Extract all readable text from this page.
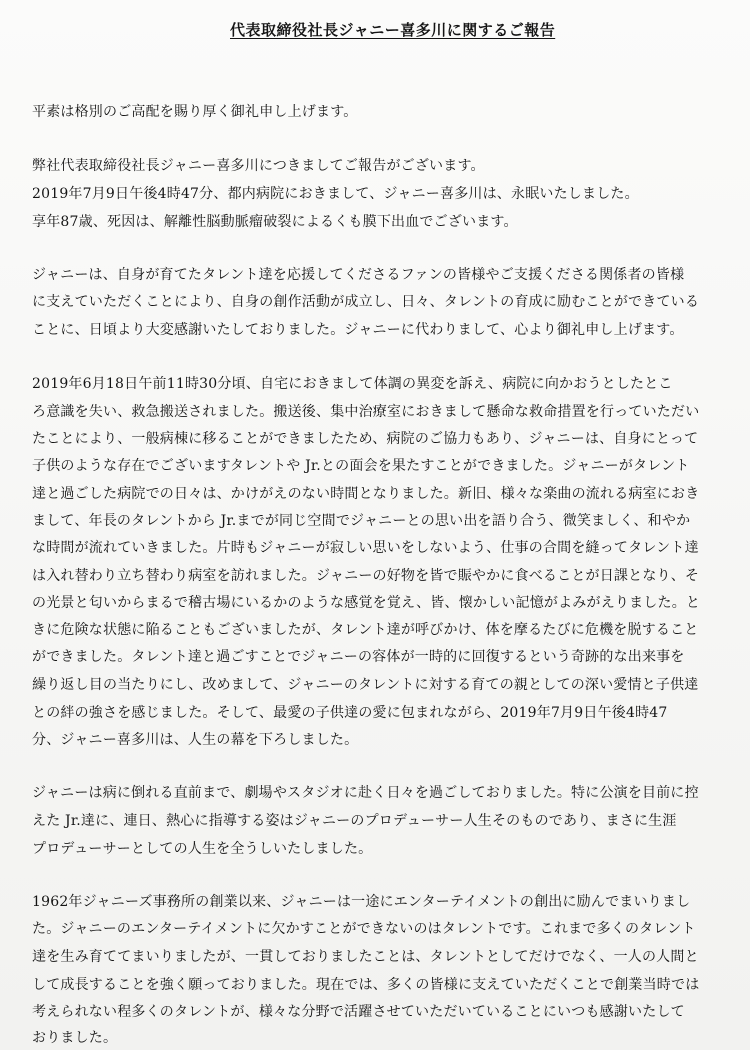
代表取締役社長ジャニー喜多川に関するご報告
平素は格別のご高配を賜り厚く御礼申し上げます。
弊社代表取締役社長ジャニー喜多川につきましてご報告がございます。
2019年7月9日午後4時47分、都内病院におきまして、ジャニー喜多川は、永眠いたしました。
享年87歳、死因は、解離性脳動脈瘤破裂によるくも膜下出血でございます。
ジャニーは、自身が育てたタレント達を応援してくださるファンの皆様やご支援くださる関係者の皆様
に支えていただくことにより、自身の創作活動が成立し、日々、タレントの育成に励むことができている
ことに、日頃より大変感謝いたしておりました。ジャニーに代わりまして、心より御礼申し上げます。
2019年6月18日午前11時30分頃、自宅におきまして体調の異変を訴え、病院に向かおうとしたとこ
ろ意識を失い、救急搬送されました。搬送後、集中治療室におきまして懸命な救命措置を行っていただい
たことにより、一般病棟に移ることができましたため、病院のご協力もあり、ジャニーは、自身にとって
子供のような存在でございますタレントや Jr.との面会を果たすことができました。ジャニーがタレント
達と過ごした病院での日々は、かけがえのない時間となりました。新旧、様々な楽曲の流れる病室におき
まして、年長のタレントから Jr.までが同じ空間でジャニーとの思い出を語り合う、微笑ましく、和やか
な時間が流れていきました。片時もジャニーが寂しい思いをしないよう、仕事の合間を縫ってタレント達
は入れ替わり立ち替わり病室を訪れました。ジャニーの好物を皆で賑やかに食べることが日課となり、そ
の光景と匂いからまるで稽古場にいるかのような感覚を覚え、皆、懐かしい記憶がよみがえりました。と
きに危険な状態に陥ることもございましたが、タレント達が呼びかけ、体を摩るたびに危機を脱すること
ができました。タレント達と過ごすことでジャニーの容体が一時的に回復するという奇跡的な出来事を
繰り返し目の当たりにし、改めまして、ジャニーのタレントに対する育ての親としての深い愛情と子供達
との絆の強さを感じました。そして、最愛の子供達の愛に包まれながら、2019年7月9日午後4時47
分、ジャニー喜多川は、人生の幕を下ろしました。
ジャニーは病に倒れる直前まで、劇場やスタジオに赴く日々を過ごしておりました。特に公演を目前に控
えた Jr.達に、連日、熱心に指導する姿はジャニーのプロデューサー人生そのものであり、まさに生涯
プロデューサーとしての人生を全うしいたしました。
1962年ジャニーズ事務所の創業以来、ジャニーは一途にエンターテイメントの創出に励んでまいりまし
た。ジャニーのエンターテイメントに欠かすことができないのはタレントです。これまで多くのタレント
達を生み育ててまいりましたが、一貫しておりましたことは、タレントとしてだけでなく、一人の人間と
して成長することを強く願っておりました。現在では、多くの皆様に支えていただくことで創業当時では
考えられない程多くのタレントが、様々な分野で活躍させていただいていることにいつも感謝いたして
おりました。
